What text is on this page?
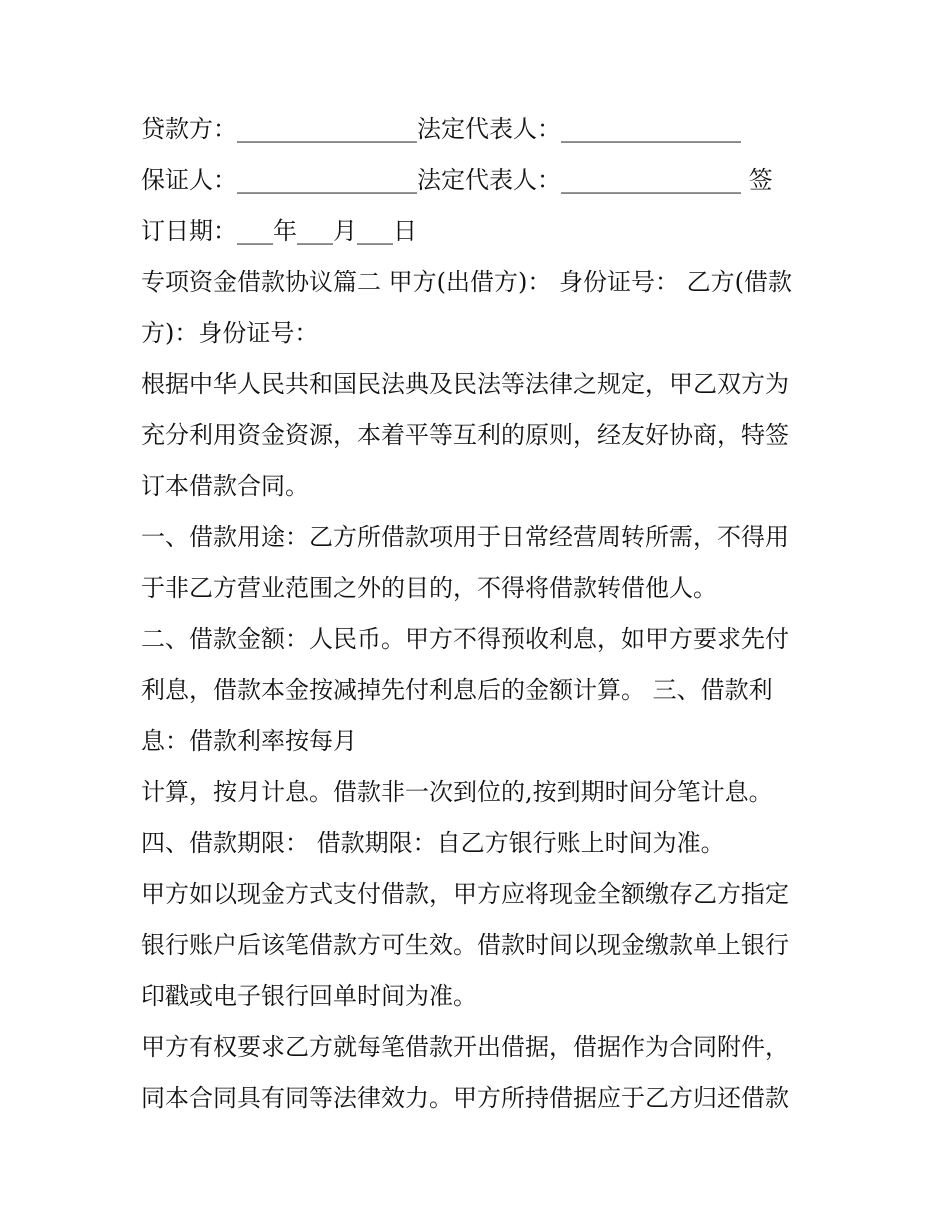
贷款方：_______________法定代表人：_______________
保证人：_______________法定代表人：_______________ 签
订日期：___年___月___日
专项资金借款协议篇二 甲方(出借方)： 身份证号： 乙方(借款
方)：身份证号：
根据中华人民共和国民法典及民法等法律之规定，甲乙双方为
充分利用资金资源，本着平等互利的原则，经友好协商，特签
订本借款合同。
一、借款用途：乙方所借款项用于日常经营周转所需，不得用
于非乙方营业范围之外的目的，不得将借款转借他人。
二、借款金额：人民币。甲方不得预收利息，如甲方要求先付
利息，借款本金按减掉先付利息后的金额计算。 三、借款利
息：借款利率按每月
计算，按月计息。借款非一次到位的,按到期时间分笔计息。
四、借款期限： 借款期限：自乙方银行账上时间为准。
甲方如以现金方式支付借款，甲方应将现金全额缴存乙方指定
银行账户后该笔借款方可生效。借款时间以现金缴款单上银行
印戳或电子银行回单时间为准。
甲方有权要求乙方就每笔借款开出借据，借据作为合同附件，
同本合同具有同等法律效力。甲方所持借据应于乙方归还借款
